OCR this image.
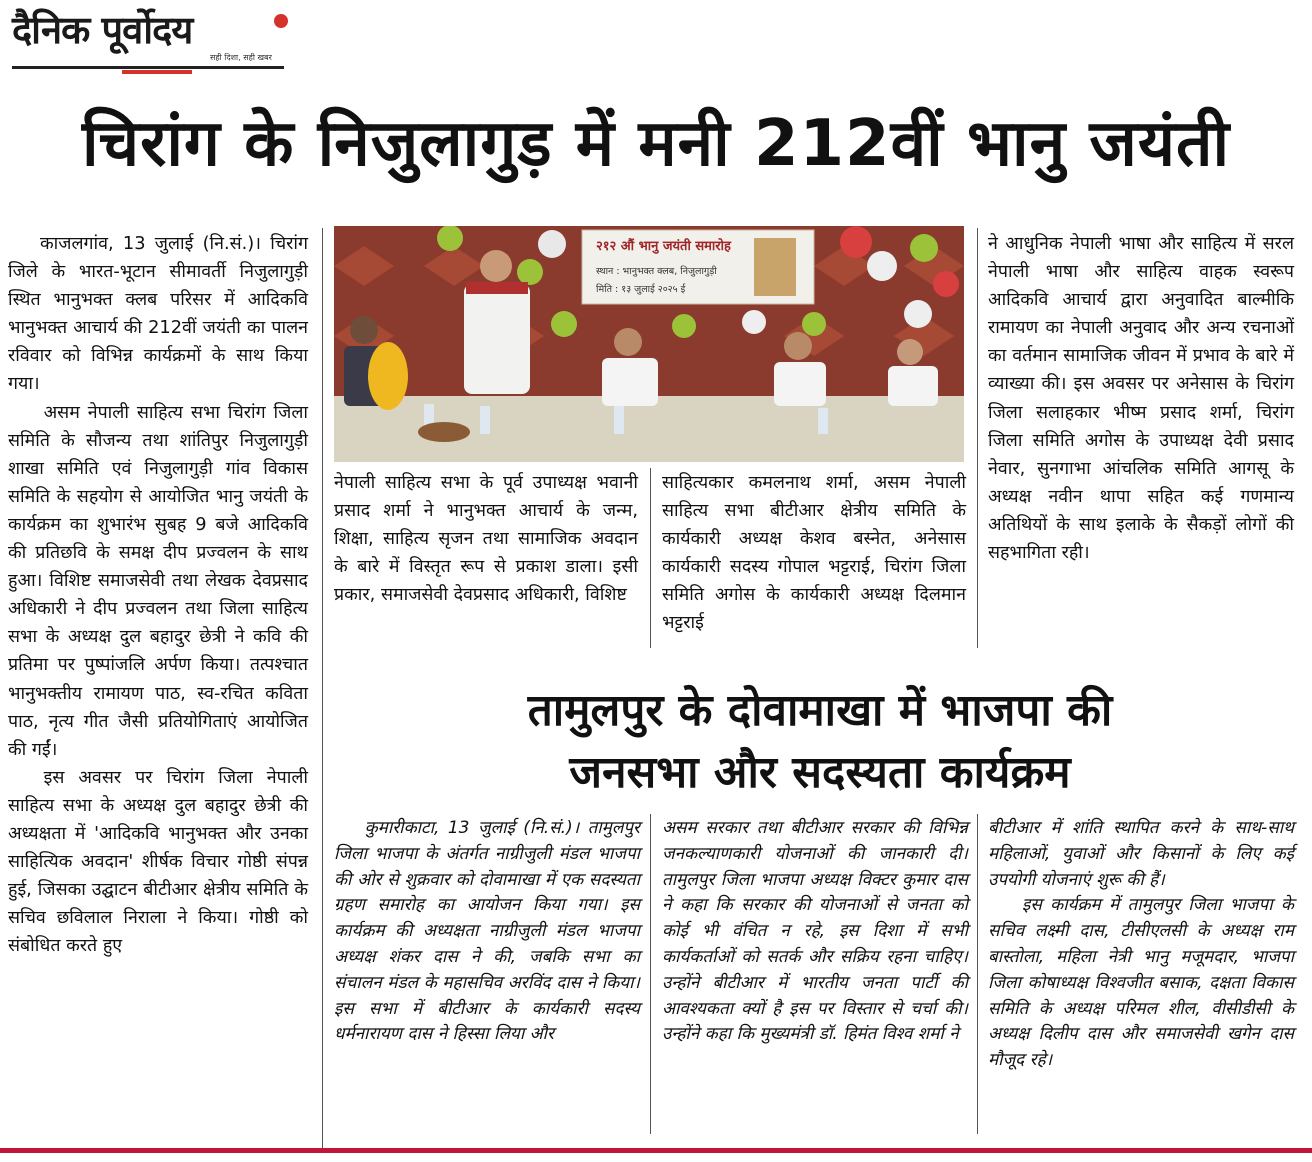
दैनिक पूर्वोदय
सही दिशा, सही खबर
चिरांग के निजुलागुड़ में मनी 212वीं भानु जयंती

काजलगांव, 13 जुलाई (नि.सं.)। चिरांग जिले के भारत-भूटान सीमावर्ती निजुलागुड़ी स्थित भानुभक्त क्लब परिसर में आदिकवि भानुभक्त आचार्य की 212वीं जयंती का पालन रविवार को विभिन्न कार्यक्रमों के साथ किया गया।

असम नेपाली साहित्य सभा चिरांग जिला समिति के सौजन्य तथा शांतिपुर निजुलागुड़ी शाखा समिति एवं निजुलागुड़ी गांव विकास समिति के सहयोग से आयोजित भानु जयंती के कार्यक्रम का शुभारंभ सुबह 9 बजे आदिकवि की प्रतिछवि के समक्ष दीप प्रज्वलन के साथ हुआ। विशिष्ट समाजसेवी तथा लेखक देवप्रसाद अधिकारी ने दीप प्रज्वलन तथा जिला साहित्य सभा के अध्यक्ष दुल बहादुर छेत्री ने कवि की प्रतिमा पर पुष्पांजलि अर्पण किया। तत्पश्चात भानुभक्तीय रामायण पाठ, स्व-रचित कविता पाठ, नृत्य गीत जैसी प्रतियोगिताएं आयोजित की गईं।

इस अवसर पर चिरांग जिला नेपाली साहित्य सभा के अध्यक्ष दुल बहादुर छेत्री की अध्यक्षता में 'आदिकवि भानुभक्त और उनका साहित्यिक अवदान' शीर्षक विचार गोष्ठी संपन्न हुई, जिसका उद्घाटन बीटीआर क्षेत्रीय समिति के सचिव छविलाल निराला ने किया। गोष्ठी को संबोधित करते हुए

२१२ औं भानु जयंती समारोह
स्थान : भानुभक्त क्लब, निजुलागुड़ी
मिति : १३ जुलाई २०२५ ई

नेपाली साहित्य सभा के पूर्व उपाध्यक्ष भवानी प्रसाद शर्मा ने भानुभक्त आचार्य के जन्म, शिक्षा, साहित्य सृजन तथा सामाजिक अवदान के बारे में विस्तृत रूप से प्रकाश डाला। इसी प्रकार, समाजसेवी देवप्रसाद अधिकारी, विशिष्ट

साहित्यकार कमलनाथ शर्मा, असम नेपाली साहित्य सभा बीटीआर क्षेत्रीय समिति के कार्यकारी अध्यक्ष केशव बस्नेत, अनेसास कार्यकारी सदस्य गोपाल भट्टराई, चिरांग जिला समिति अगोस के कार्यकारी अध्यक्ष दिलमान भट्टराई

ने आधुनिक नेपाली भाषा और साहित्य में सरल नेपाली भाषा और साहित्य वाहक स्वरूप आदिकवि आचार्य द्वारा अनुवादित बाल्मीकि रामायण का नेपाली अनुवाद और अन्य रचनाओं का वर्तमान सामाजिक जीवन में प्रभाव के बारे में व्याख्या की। इस अवसर पर अनेसास के चिरांग जिला सलाहकार भीष्म प्रसाद शर्मा, चिरांग जिला समिति अगोस के उपाध्यक्ष देवी प्रसाद नेवार, सुनगाभा आंचलिक समिति आगसू के अध्यक्ष नवीन थापा सहित कई गणमान्य अतिथियों के साथ इलाके के सैकड़ों लोगों की सहभागिता रही।

तामुलपुर के दोवामाखा में भाजपा की
जनसभा और सदस्यता कार्यक्रम

कुमारीकाटा, 13 जुलाई (नि.सं.)। तामुलपुर जिला भाजपा के अंतर्गत नाग्रीजुली मंडल भाजपा की ओर से शुक्रवार को दोवामाखा में एक सदस्यता ग्रहण समारोह का आयोजन किया गया। इस कार्यक्रम की अध्यक्षता नाग्रीजुली मंडल भाजपा अध्यक्ष शंकर दास ने की, जबकि सभा का संचालन मंडल के महासचिव अरविंद दास ने किया। इस सभा में बीटीआर के कार्यकारी सदस्य धर्मनारायण दास ने हिस्सा लिया और

असम सरकार तथा बीटीआर सरकार की विभिन्न जनकल्याणकारी योजनाओं की जानकारी दी। तामुलपुर जिला भाजपा अध्यक्ष विक्टर कुमार दास ने कहा कि सरकार की योजनाओं से जनता को कोई भी वंचित न रहे, इस दिशा में सभी कार्यकर्ताओं को सतर्क और सक्रिय रहना चाहिए। उन्होंने बीटीआर में भारतीय जनता पार्टी की आवश्यकता क्यों है इस पर विस्तार से चर्चा की। उन्होंने कहा कि मुख्यमंत्री डॉ. हिमंत विश्व शर्मा ने

बीटीआर में शांति स्थापित करने के साथ-साथ महिलाओं, युवाओं और किसानों के लिए कई उपयोगी योजनाएं शुरू की हैं।

इस कार्यक्रम में तामुलपुर जिला भाजपा के सचिव लक्ष्मी दास, टीसीएलसी के अध्यक्ष राम बास्तोला, महिला नेत्री भानु मजूमदार, भाजपा जिला कोषाध्यक्ष विश्वजीत बसाक, दक्षता विकास समिति के अध्यक्ष परिमल शील, वीसीडीसी के अध्यक्ष दिलीप दास और समाजसेवी खगेन दास मौजूद रहे।
